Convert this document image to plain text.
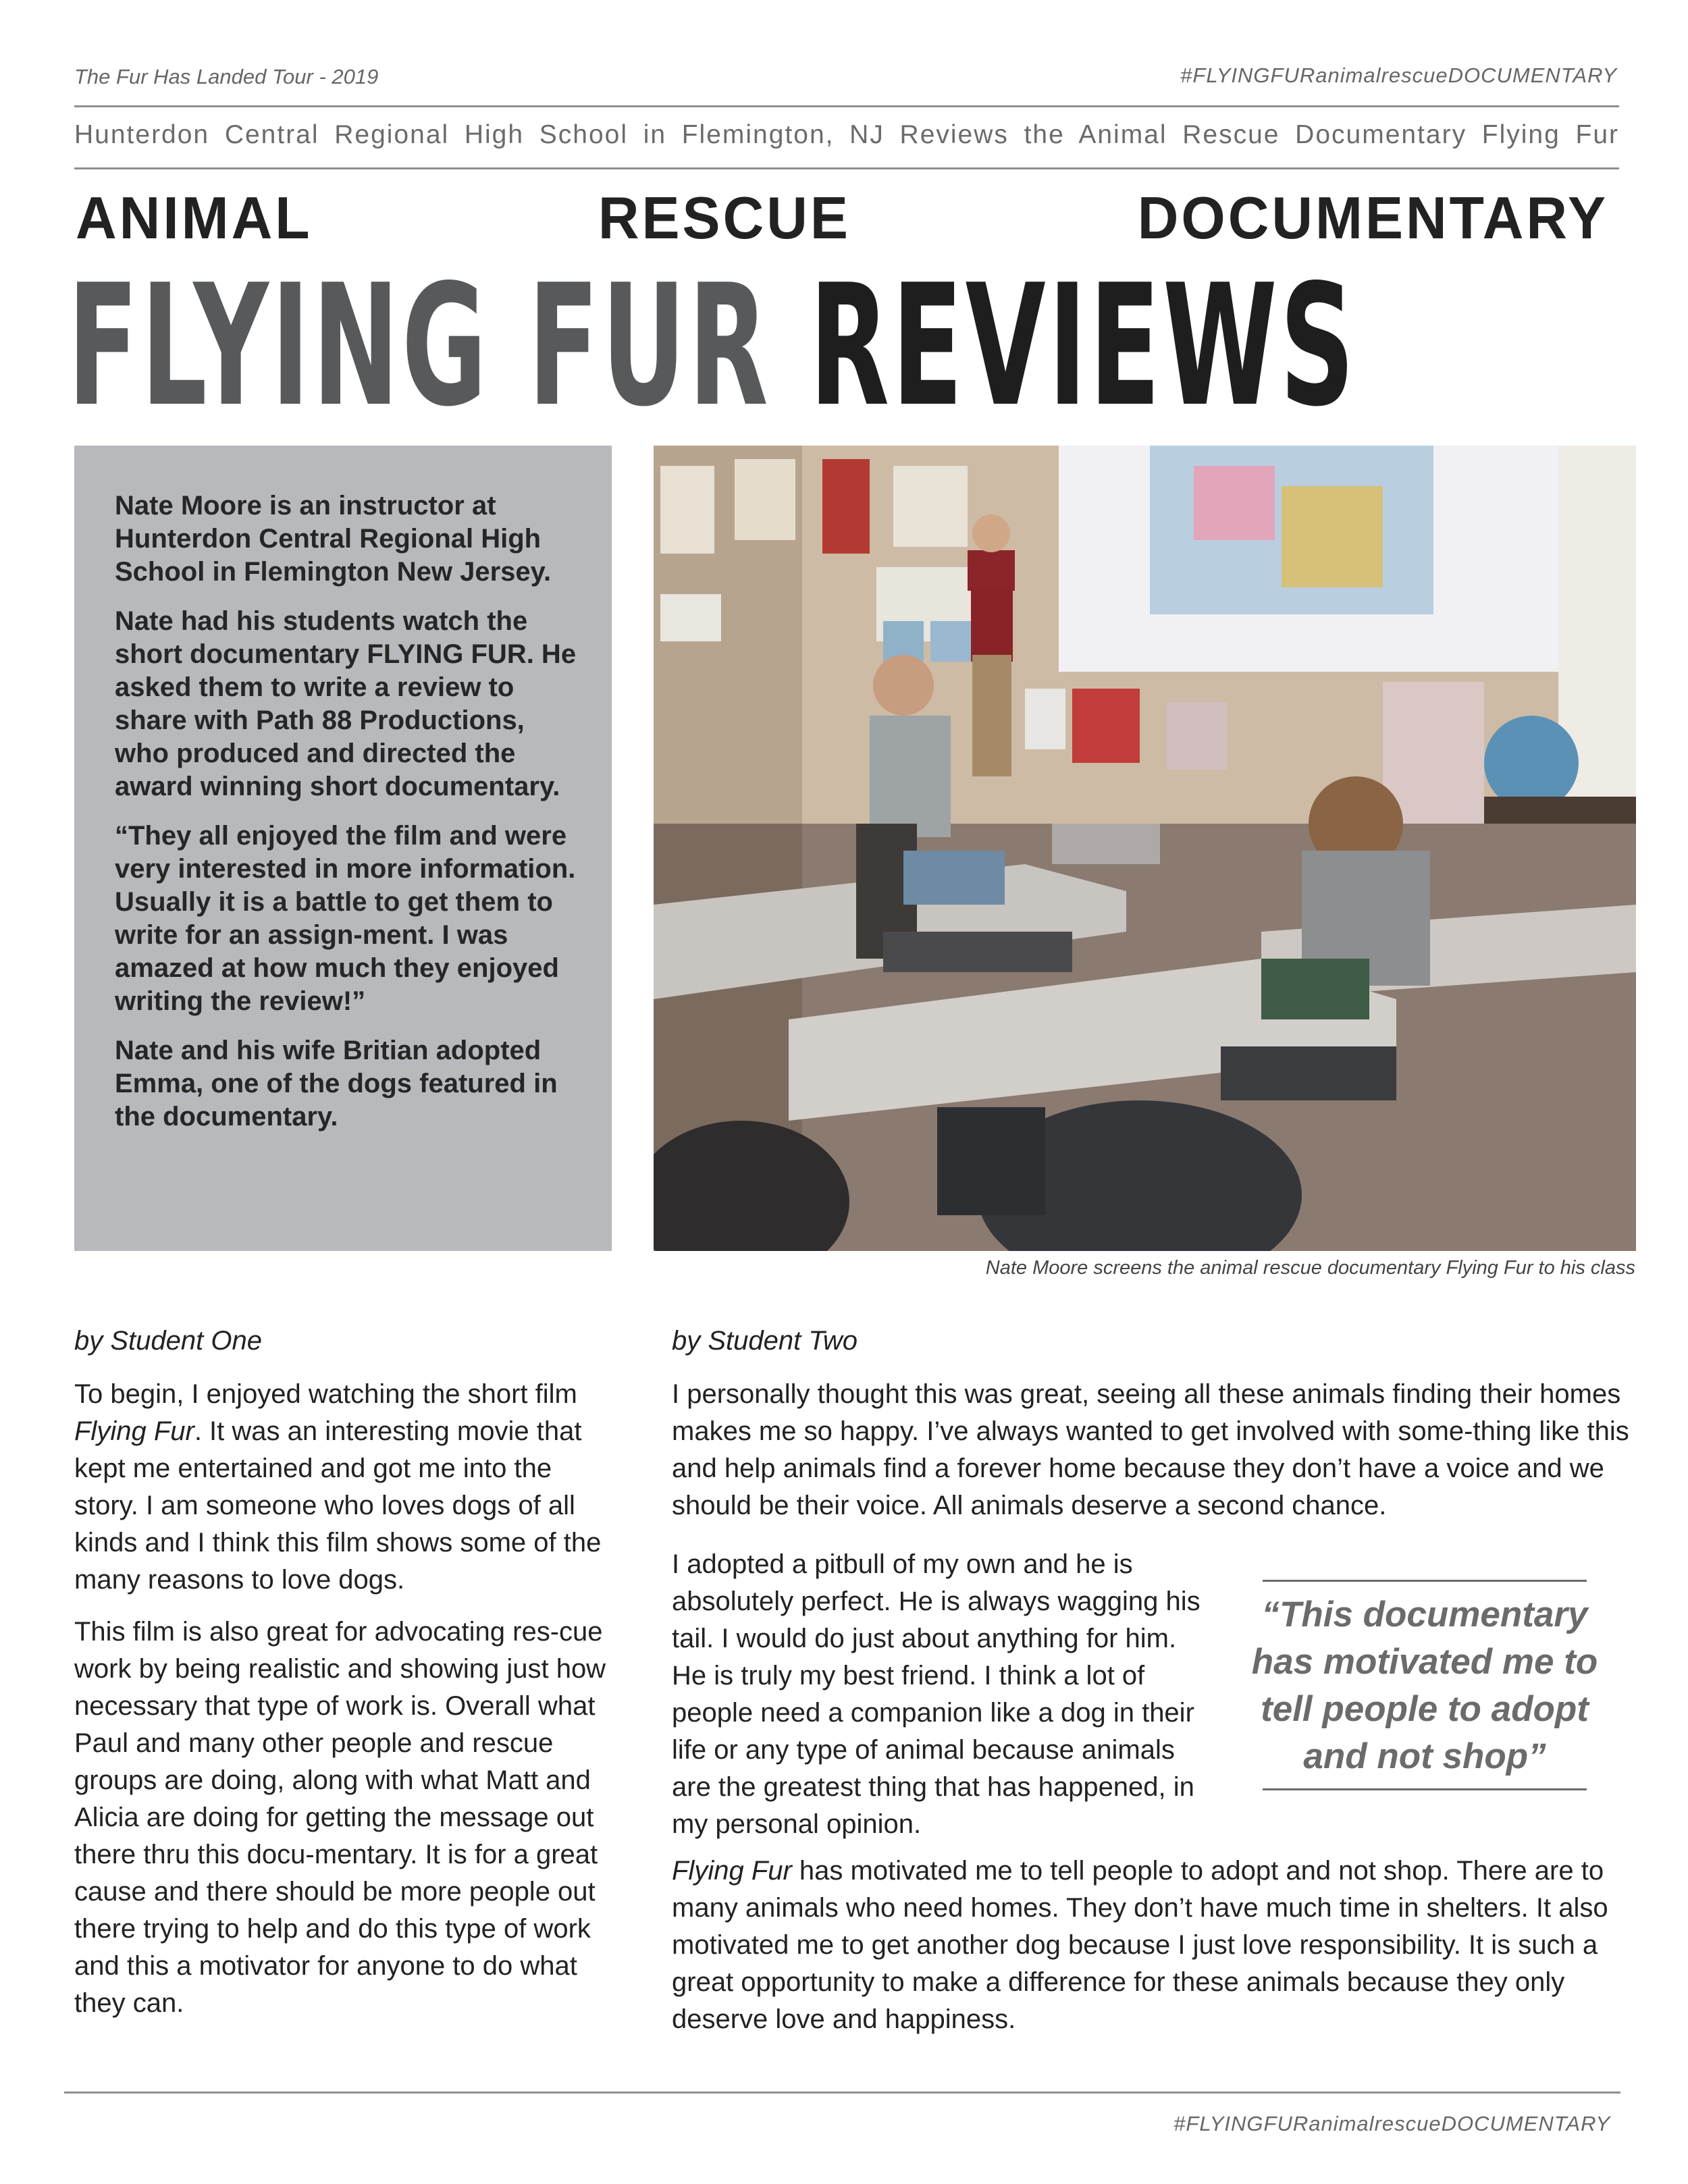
The Fur Has Landed Tour - 2019	#FLYINGFURanimalrescueDOCUMENTARY
Hunterdon Central Regional High School in Flemington, NJ Reviews the Animal Rescue Documentary Flying Fur
ANIMAL RESCUE DOCUMENTARY
FLYING FUR REVIEWS

Nate Moore is an instructor at Hunterdon Central Regional High School in Flemington New Jersey.

Nate had his students watch the short documentary FLYING FUR. He asked them to write a review to share with Path 88 Productions, who produced and directed the award winning short documentary.

“They all enjoyed the film and were very interested in more information. Usually it is a battle to get them to write for an assign-ment. I was amazed at how much they enjoyed writing the review!”

Nate and his wife Britian adopted Emma, one of the dogs featured in the documentary.

Nate Moore screens the animal rescue documentary Flying Fur to his class
by Student One	by Student Two

To begin, I enjoyed watching the short film Flying Fur. It was an interesting movie that kept me entertained and got me into the story. I am someone who loves dogs of all kinds and I think this film shows some of the many reasons to love dogs.

This film is also great for advocating res-cue work by being realistic and showing just how necessary that type of work is. Overall what Paul and many other people and rescue groups are doing, along with what Matt and Alicia are doing for getting the message out there thru this docu-mentary. It is for a great cause and there should be more people out there trying to help and do this type of work and this a motivator for anyone to do what they can.

I personally thought this was great, seeing all these animals finding their homes makes me so happy. I’ve always wanted to get involved with some-thing like this and help animals find a forever home because they don’t have a voice and we should be their voice. All animals deserve a second chance.

I adopted a pitbull of my own and he is absolutely perfect. He is always wagging his tail. I would do just about anything for him. He is truly my best friend. I think a lot of people need a companion like a dog in their life or any type of animal because animals are the greatest thing that has happened, in my personal opinion.

Flying Fur has motivated me to tell people to adopt and not shop. There are to many animals who need homes. They don’t have much time in shelters. It also motivated me to get another dog because I just love responsibility. It is such a great opportunity to make a difference for these animals because they only deserve love and happiness.

“This documentary has motivated me to tell people to adopt and not shop”
#FLYINGFURanimalrescueDOCUMENTARY
